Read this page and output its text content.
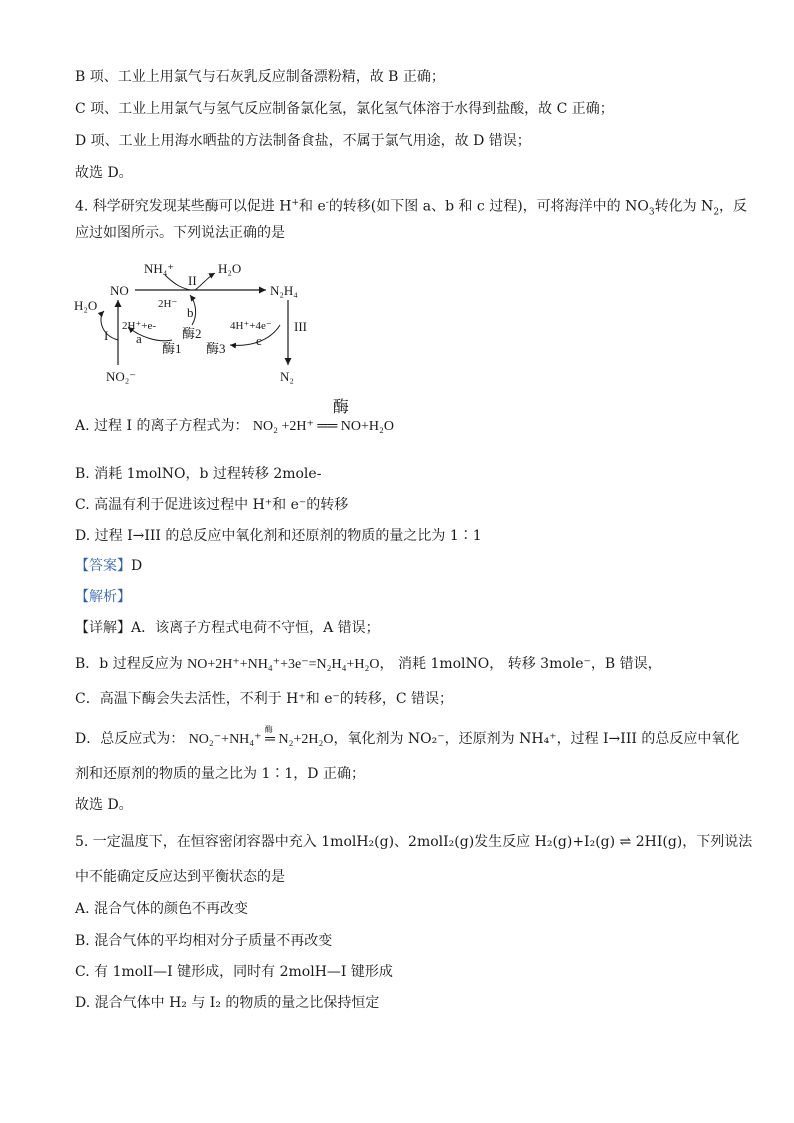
B 项、工业上用氯气与石灰乳反应制备漂粉精，故 B 正确；
C 项、工业上用氯气与氢气反应制备氯化氢，氯化氢气体溶于水得到盐酸，故 C 正确；
D 项、工业上用海水晒盐的方法制备食盐，不属于氯气用途，故 D 错误；
故选 D。
4. 科学研究发现某些酶可以促进 H+和 e-的转移(如下图 a、b 和 c 过程)，可将海洋中的 $NO_3$转化为 $N_2$，反
应过如图所示。下列说法正确的是
NO
H₂O
NO₂⁻
I
2H⁺+e-
a
酶1
NH₄⁺	H₂O
II
2H⁻
b
酶2
N₂H₄
4H⁺+4e⁻
c
酶3
III
N₂
A. 过程 I 的离子方程式为：
酶
NO₂ +2H⁺ ══ NO+H₂O
B. 消耗 1molNO，b 过程转移 2mole-
C. 高温有利于促进该过程中 H⁺和 e⁻的转移
D. 过程 I→III 的总反应中氧化剂和还原剂的物质的量之比为 1∶1
【答案】D
【解析】
【详解】A．该离子方程式电荷不守恒，A 错误；
B．b 过程反应为 NO+2H⁺+NH₄⁺+3e⁻=N₂H₄+H₂O， 消耗 1molNO， 转移 3mole⁻，B 错误，
C．高温下酶会失去活性，不利于 H⁺和 e⁻的转移，C 错误；
D．总反应式为：
酶
NO₂⁻+NH₄⁺ ═ N₂+2H₂O，氧化剂为 NO₂⁻，还原剂为 NH₄⁺，过程 I→III 的总反应中氧化
剂和还原剂的物质的量之比为 1∶1，D 正确；
故选 D。
5. 一定温度下，在恒容密闭容器中充入 1molH₂(g)、2molI₂(g)发生反应 H₂(g)+I₂(g) ⇌ 2HI(g)，下列说法
中不能确定反应达到平衡状态的是
A. 混合气体的颜色不再改变
B. 混合气体的平均相对分子质量不再改变
C. 有 1molI—I 键形成，同时有 2molH—I 键形成
D. 混合气体中 H₂ 与 I₂ 的物质的量之比保持恒定
